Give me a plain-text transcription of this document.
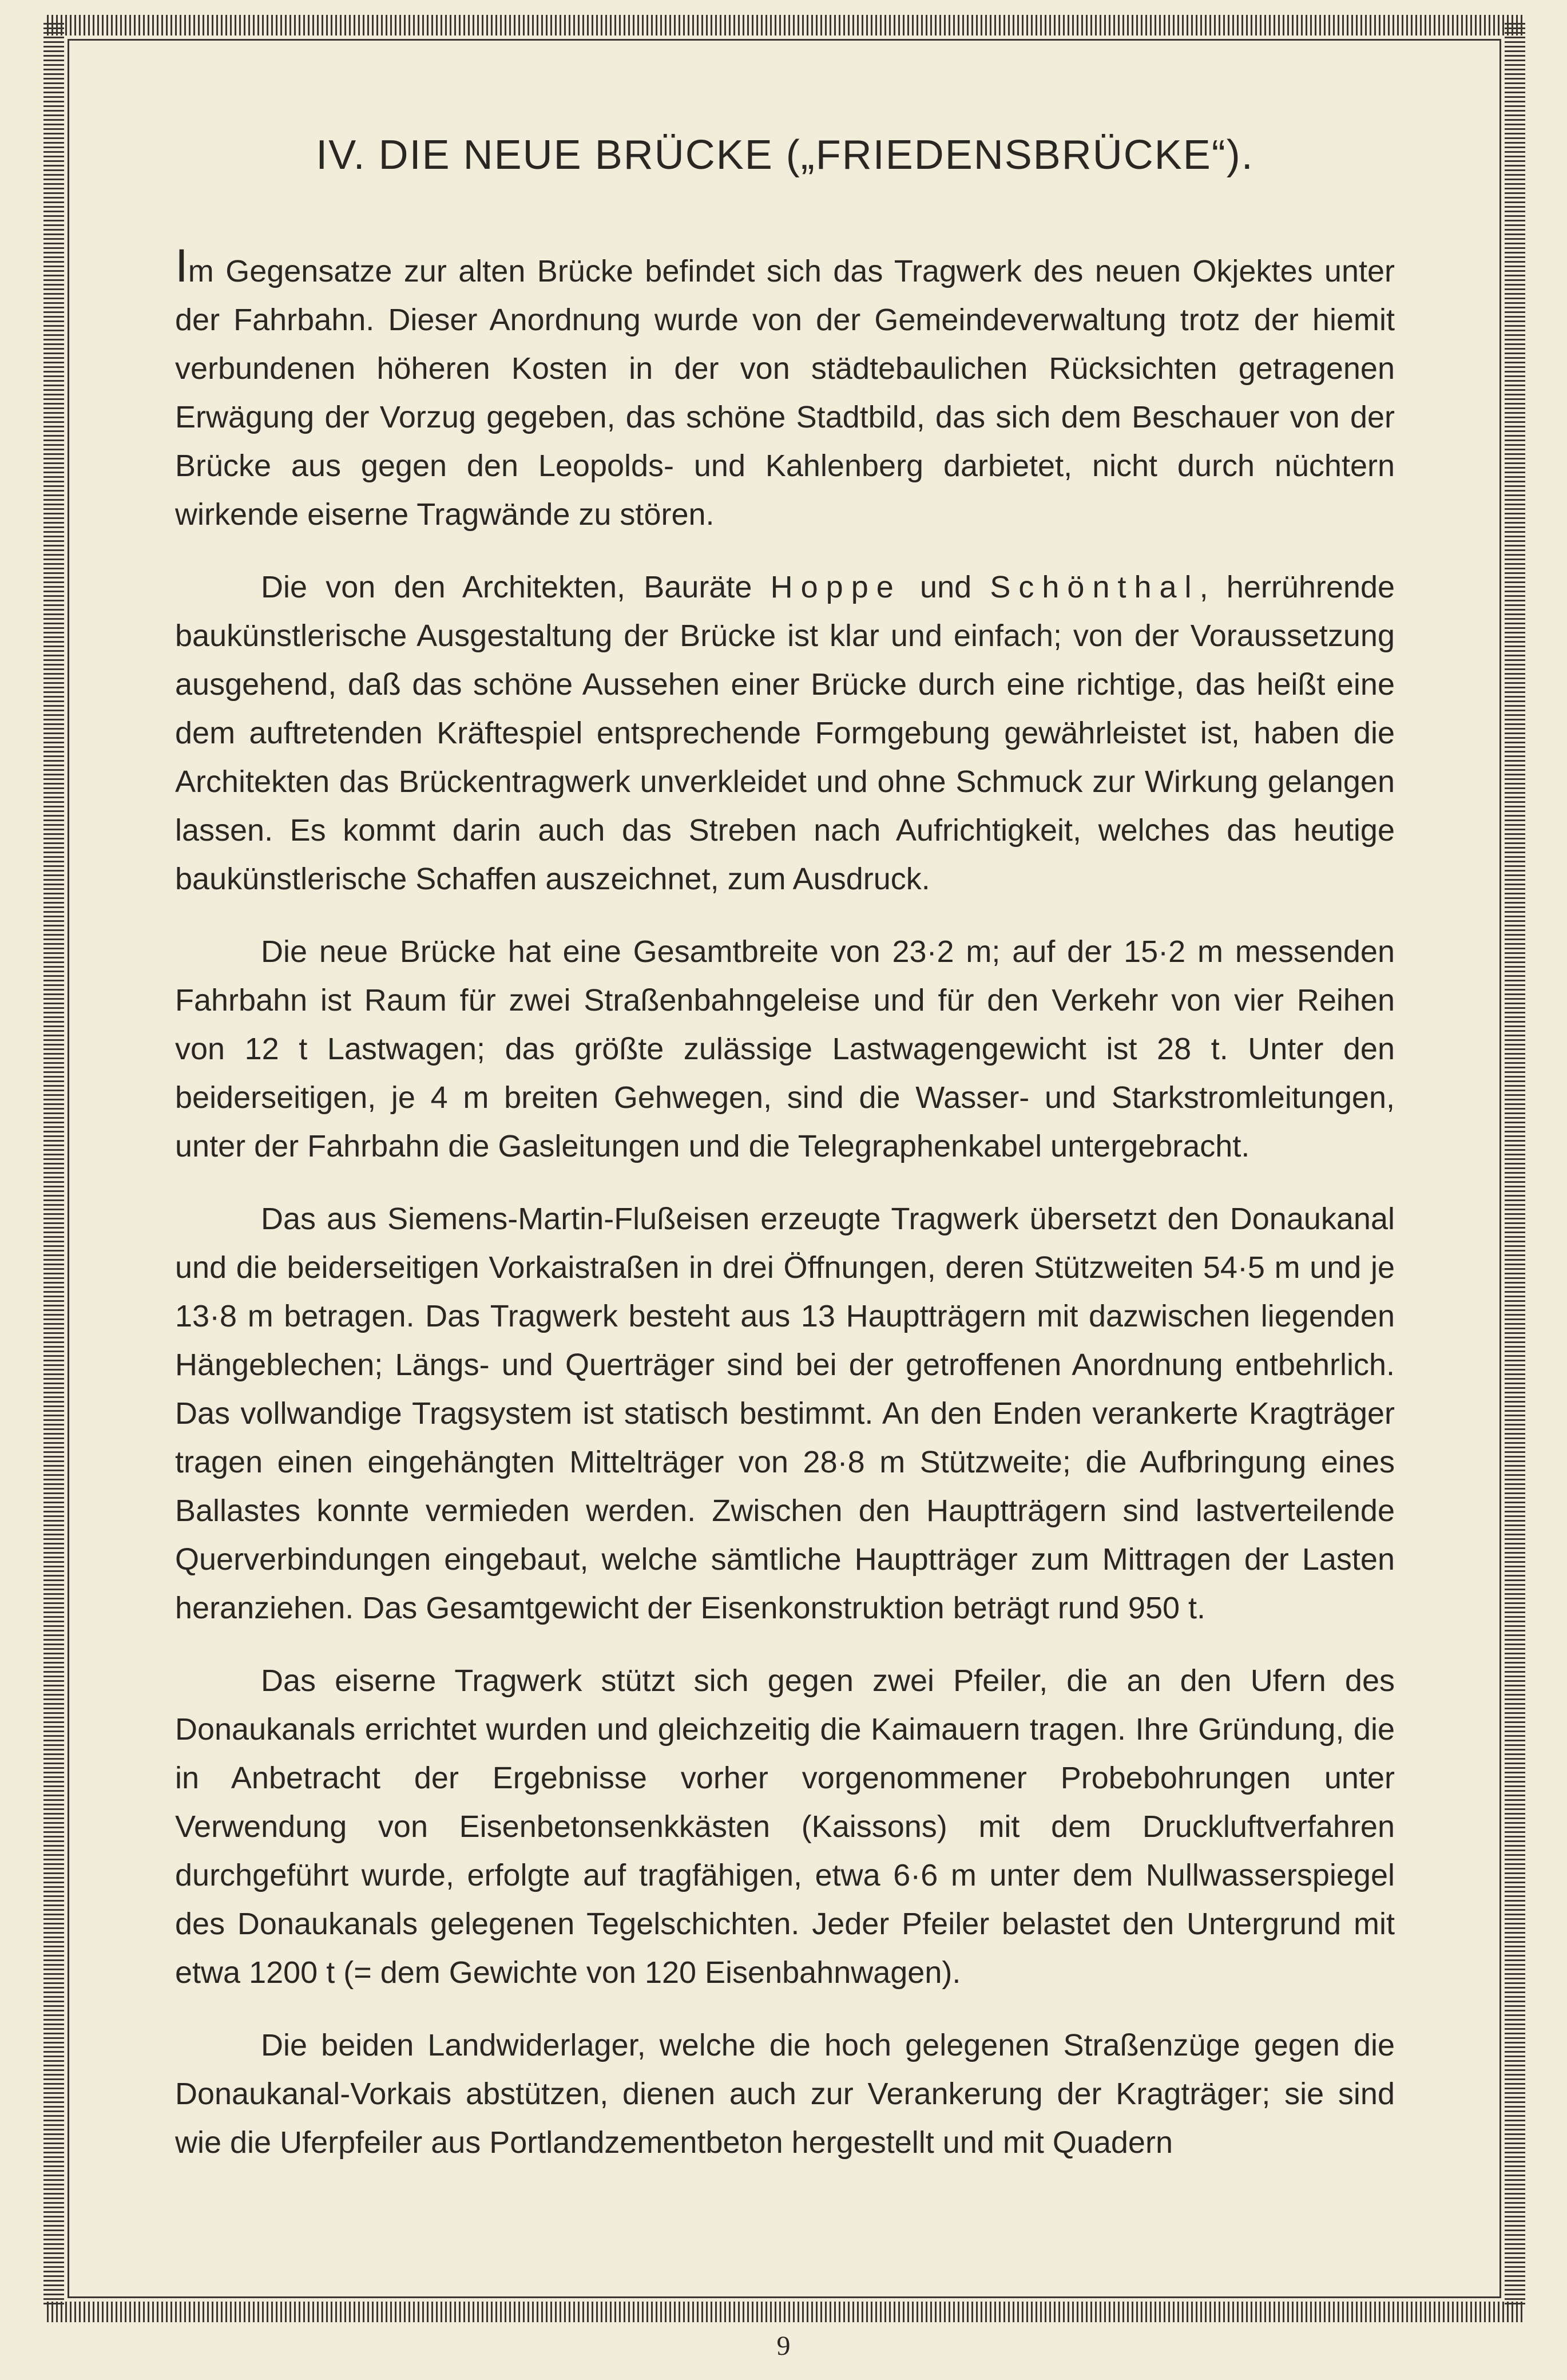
IV. DIE NEUE BRÜCKE („FRIEDENSBRÜCKE“).

Im Gegensatze zur alten Brücke befindet sich das Tragwerk des neuen Okjektes unter der Fahrbahn. Dieser Anordnung wurde von der Gemeindeverwaltung trotz der hiemit verbundenen höheren Kosten in der von städtebaulichen Rücksichten getragenen Erwägung der Vorzug gegeben, das schöne Stadtbild, das sich dem Beschauer von der Brücke aus gegen den Leopolds- und Kahlenberg darbietet, nicht durch nüchtern wirkende eiserne Tragwände zu stören.

Die von den Architekten, Bauräte Hoppe und Schönthal, herrührende baukünstlerische Ausgestaltung der Brücke ist klar und einfach; von der Voraussetzung ausgehend, daß das schöne Aussehen einer Brücke durch eine richtige, das heißt eine dem auftretenden Kräftespiel entsprechende Formgebung gewährleistet ist, haben die Architekten das Brückentragwerk unverkleidet und ohne Schmuck zur Wirkung gelangen lassen. Es kommt darin auch das Streben nach Aufrichtigkeit, welches das heutige baukünstlerische Schaffen auszeichnet, zum Ausdruck.

Die neue Brücke hat eine Gesamtbreite von 23·2 m; auf der 15·2 m messenden Fahrbahn ist Raum für zwei Straßenbahngeleise und für den Verkehr von vier Reihen von 12 t Lastwagen; das größte zulässige Lastwagengewicht ist 28 t. Unter den beiderseitigen, je 4 m breiten Gehwegen, sind die Wasser- und Starkstromleitungen, unter der Fahrbahn die Gasleitungen und die Telegraphenkabel untergebracht.

Das aus Siemens-Martin-Flußeisen erzeugte Tragwerk übersetzt den Donaukanal und die beiderseitigen Vorkaistraßen in drei Öffnungen, deren Stützweiten 54·5 m und je 13·8 m betragen. Das Tragwerk besteht aus 13 Hauptträgern mit dazwischen liegenden Hängeblechen; Längs- und Querträger sind bei der getroffenen Anordnung entbehrlich. Das vollwandige Tragsystem ist statisch bestimmt. An den Enden verankerte Kragträger tragen einen eingehängten Mittelträger von 28·8 m Stützweite; die Aufbringung eines Ballastes konnte vermieden werden. Zwischen den Hauptträgern sind lastverteilende Querverbindungen eingebaut, welche sämtliche Hauptträger zum Mittragen der Lasten heranziehen. Das Gesamtgewicht der Eisenkonstruktion beträgt rund 950 t.

Das eiserne Tragwerk stützt sich gegen zwei Pfeiler, die an den Ufern des Donaukanals errichtet wurden und gleichzeitig die Kaimauern tragen. Ihre Gründung, die in Anbetracht der Ergebnisse vorher vorgenommener Probebohrungen unter Verwendung von Eisenbetonsenkkästen (Kaissons) mit dem Druckluftverfahren durchgeführt wurde, erfolgte auf tragfähigen, etwa 6·6 m unter dem Nullwasserspiegel des Donaukanals gelegenen Tegelschichten. Jeder Pfeiler belastet den Untergrund mit etwa 1200 t (= dem Gewichte von 120 Eisenbahnwagen).

Die beiden Landwiderlager, welche die hoch gelegenen Straßenzüge gegen die Donaukanal-Vorkais abstützen, dienen auch zur Verankerung der Kragträger; sie sind wie die Uferpfeiler aus Portlandzementbeton hergestellt und mit Quadern

9
